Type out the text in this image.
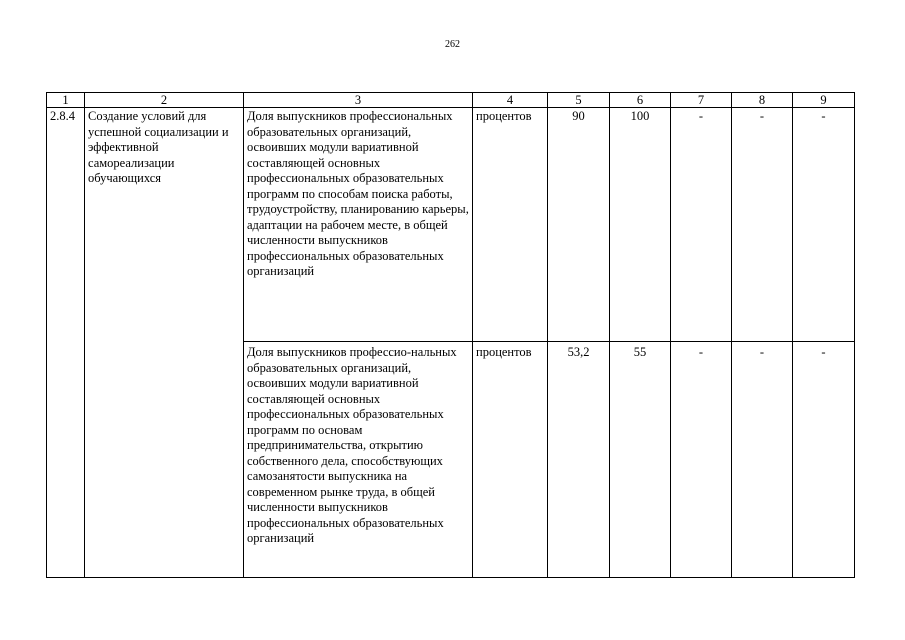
262
1	2	3	4	5	6	7	8	9
2.8.4	Создание условий для успешной социализации и эффективной самореализации обучающихся	Доля выпускников профессиональных образовательных организаций, освоивших модули вариативной составляющей основных профессиональных образовательных программ по способам поиска работы, трудоустройству, планированию карьеры, адаптации на рабочем месте, в общей численности выпускников профессиональных образовательных организаций	процентов	90	100	-	-	-
		Доля выпускников профессио-нальных образовательных организаций, освоивших модули вариативной составляющей основных профессиональных образовательных программ по основам предпринимательства, открытию собственного дела, способствующих самозанятости выпускника на современном рынке труда, в общей численности выпускников профессиональных образовательных организаций	процентов	53,2	55	-	-	-
